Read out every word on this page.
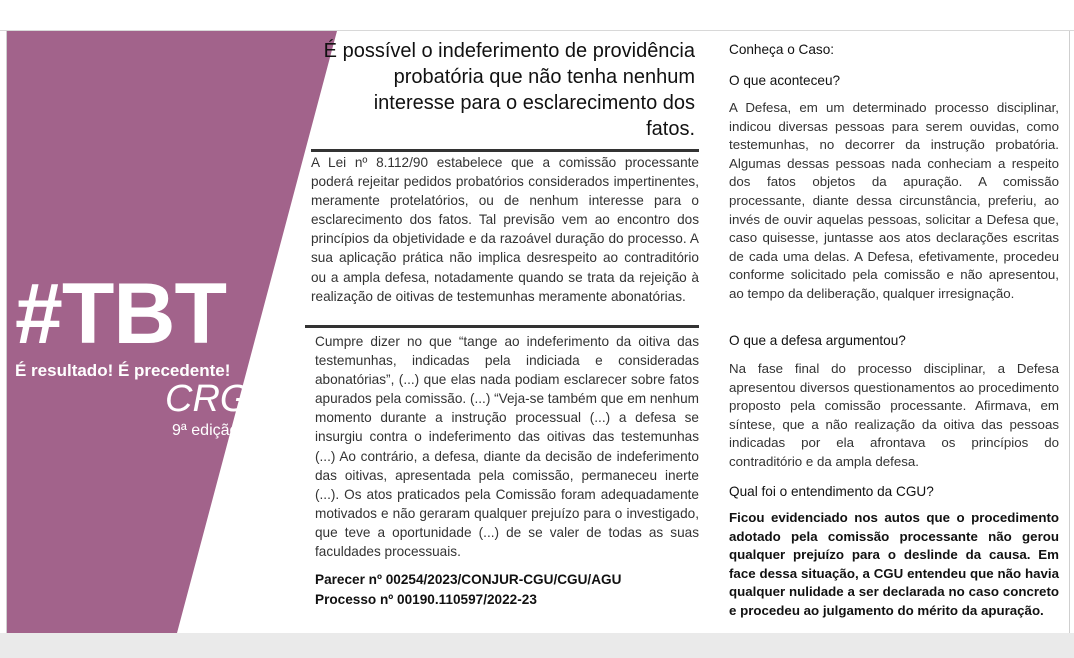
#TBT
É resultado! É precedente!
CRG
9ª edição
É possível o indeferimento de providência probatória que não tenha nenhum interesse para o esclarecimento dos fatos.

A Lei nº 8.112/90 estabelece que a comissão processante poderá rejeitar pedidos probatórios considerados impertinentes, meramente protelatórios, ou de nenhum interesse para o esclarecimento dos fatos. Tal previsão vem ao encontro dos princípios da objetividade e da razoável duração do processo. A sua aplicação prática não implica desrespeito ao contraditório ou a ampla defesa, notadamente quando se trata da rejeição à realização de oitivas de testemunhas meramente abonatórias.

Cumpre dizer no que “tange ao indeferimento da oitiva das testemunhas, indicadas pela indiciada e consideradas abonatórias”, (...) que elas nada podiam esclarecer sobre fatos apurados pela comissão. (...) “Veja-se também que em nenhum momento durante a instrução processual (...) a defesa se insurgiu contra o indeferimento das oitivas das testemunhas (...) Ao contrário, a defesa, diante da decisão de indeferimento das oitivas, apresentada pela comissão, permaneceu inerte (...). Os atos praticados pela Comissão foram adequadamente motivados e não geraram qualquer prejuízo para o investigado, que teve a oportunidade (...) de se valer de todas as suas faculdades processuais.

Parecer nº 00254/2023/CONJUR-CGU/CGU/AGU
Processo nº 00190.110597/2022-23
Conheça o Caso:
O que aconteceu?

A Defesa, em um determinado processo disciplinar, indicou diversas pessoas para serem ouvidas, como testemunhas, no decorrer da instrução probatória. Algumas dessas pessoas nada conheciam a respeito dos fatos objetos da apuração. A comissão processante, diante dessa circunstância, preferiu, ao invés de ouvir aquelas pessoas, solicitar a Defesa que, caso quisesse, juntasse aos atos declarações escritas de cada uma delas. A Defesa, efetivamente, procedeu conforme solicitado pela comissão e não apresentou, ao tempo da deliberação, qualquer irresignação.

O que a defesa argumentou?

Na fase final do processo disciplinar, a Defesa apresentou diversos questionamentos ao procedimento proposto pela comissão processante. Afirmava, em síntese, que a não realização da oitiva das pessoas indicadas por ela afrontava os princípios do contraditório e da ampla defesa.

Qual foi o entendimento da CGU?

Ficou evidenciado nos autos que o procedimento adotado pela comissão processante não gerou qualquer prejuízo para o deslinde da causa. Em face dessa situação, a CGU entendeu que não havia qualquer nulidade a ser declarada no caso concreto e procedeu ao julgamento do mérito da apuração.
